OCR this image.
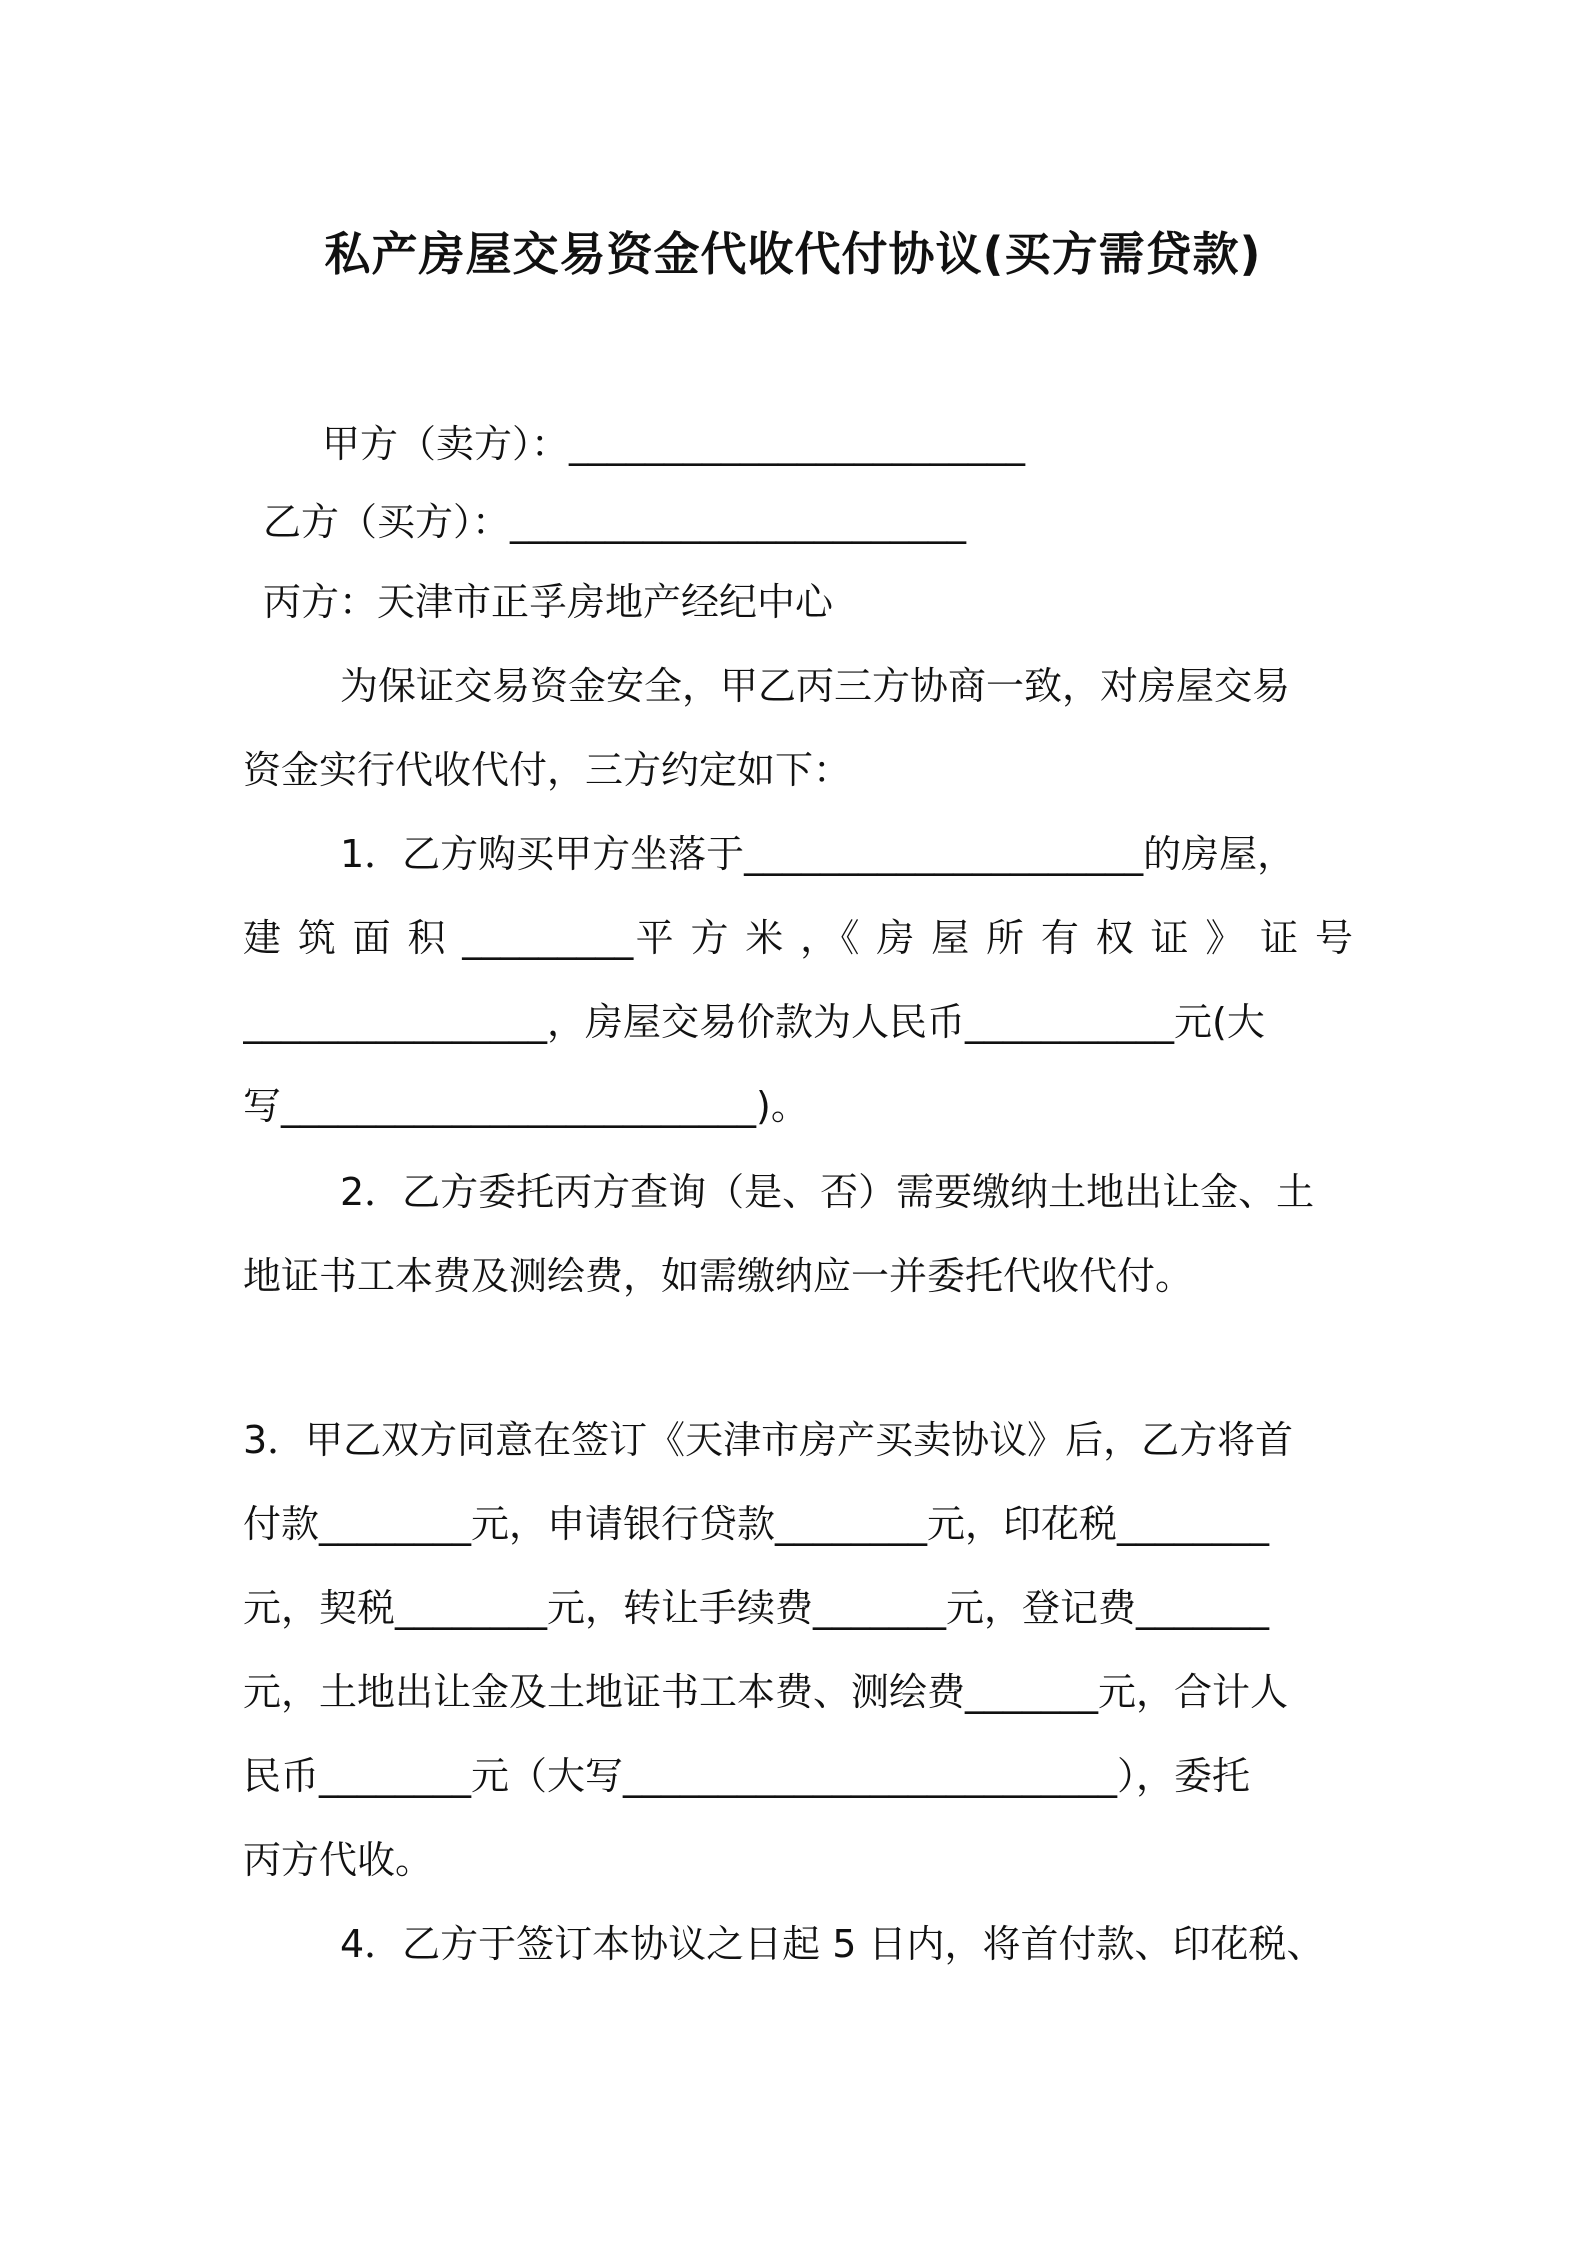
私产房屋交易资金代收代付协议(买方需贷款)
甲方（卖方）：________________________
乙方（买方）：________________________
丙方：天津市正孚房地产经纪中心
为保证交易资金安全，甲乙丙三方协商一致，对房屋交易
资金实行代收代付，三方约定如下：
1．乙方购买甲方坐落于_____________________的房屋，
建 筑 面 积 _________平 方 米 ，《 房 屋 所 有 权 证 》 证 号
________________，房屋交易价款为人民币___________元(大
写_________________________)。
2．乙方委托丙方查询（是、否）需要缴纳土地出让金、土
地证书工本费及测绘费，如需缴纳应一并委托代收代付。
3．甲乙双方同意在签订《天津市房产买卖协议》后，乙方将首
付款________元，申请银行贷款________元，印花税________
元，契税________元，转让手续费_______元，登记费_______
元，土地出让金及土地证书工本费、测绘费_______元，合计人
民币________元（大写__________________________），委托
丙方代收。
4．乙方于签订本协议之日起 5 日内，将首付款、印花税、
